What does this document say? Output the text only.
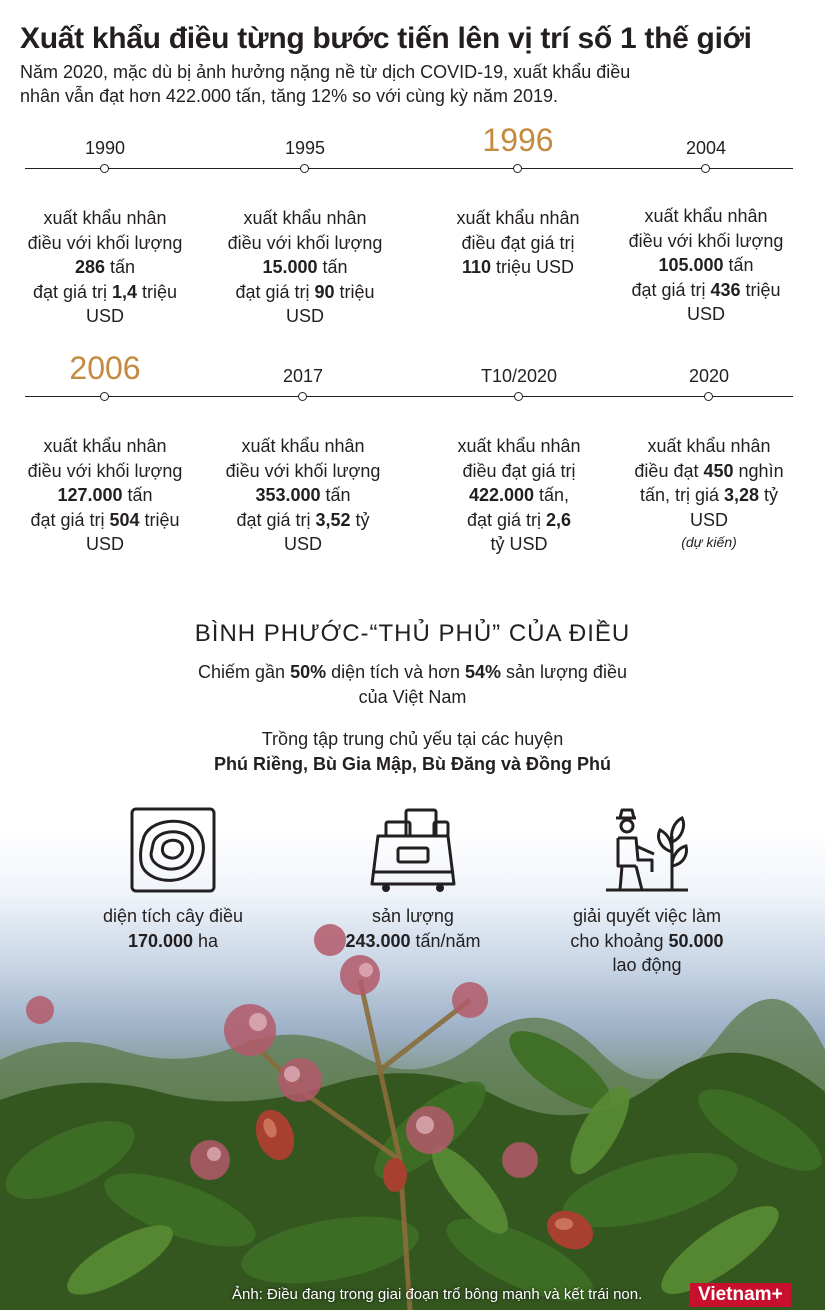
Xuất khẩu điều từng bước tiến lên vị trí số 1 thế giới

Năm 2020, mặc dù bị ảnh hưởng nặng nề từ dịch COVID-19, xuất khẩu điều nhân vẫn đạt hơn 422.000 tấn, tăng 12% so với cùng kỳ năm 2019.

1990
xuất khẩu nhân
điều với khối lượng
286 tấn
đạt giá trị 1,4 triệu
USD
1995
xuất khẩu nhân
điều với khối lượng
15.000 tấn
đạt giá trị 90 triệu
USD
1996
xuất khẩu nhân
điều đạt giá trị
110 triệu USD
2004
xuất khẩu nhân
điều với khối lượng
105.000 tấn
đạt giá trị 436 triệu
USD
2006
xuất khẩu nhân
điều với khối lượng
127.000 tấn
đạt giá trị 504 triệu
USD
2017
xuất khẩu nhân
điều với khối lượng
353.000 tấn
đạt giá trị 3,52 tỷ
USD
T10/2020
xuất khẩu nhân
điều đạt giá trị
422.000 tấn,
đạt giá trị 2,6
tỷ USD
2020
xuất khẩu nhân
điều đạt 450 nghìn
tấn, trị giá 3,28 tỷ
USD
(dự kiến)
BÌNH PHƯỚC-“THỦ PHỦ” CỦA ĐIỀU
Chiếm gần 50% diện tích và hơn 54% sản lượng điều
của Việt Nam
Trồng tập trung chủ yếu tại các huyện
Phú Riềng, Bù Gia Mập, Bù Đăng và Đồng Phú
diện tích cây điều
170.000 ha
sản lượng
243.000 tấn/năm
giải quyết việc làm
cho khoảng 50.000
lao động
Ảnh: Điều đang trong giai đoạn trổ bông mạnh và kết trái non.	Vietnam+
